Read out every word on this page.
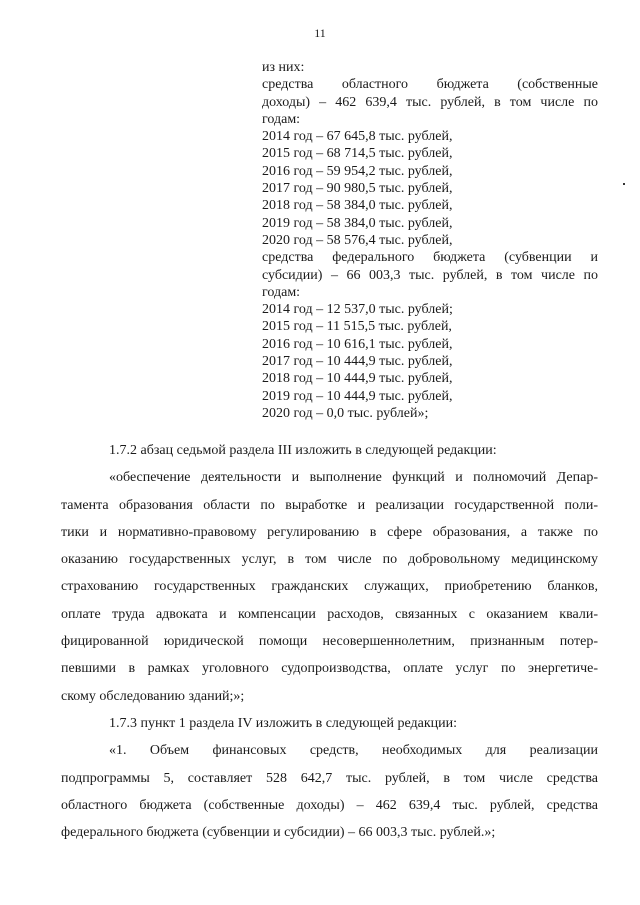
11
из них:
средства областного бюджета (собственные
доходы) – 462 639,4 тыс. рублей, в том числе по
годам:
2014 год – 67 645,8 тыс. рублей,
2015 год – 68 714,5 тыс. рублей,
2016 год – 59 954,2 тыс. рублей,
2017 год – 90 980,5 тыс. рублей,
2018 год – 58 384,0 тыс. рублей,
2019 год – 58 384,0 тыс. рублей,
2020 год – 58 576,4 тыс. рублей,
средства федерального бюджета (субвенции и
субсидии) – 66 003,3 тыс. рублей, в том числе по
годам:
2014 год – 12 537,0 тыс. рублей;
2015 год – 11 515,5 тыс. рублей,
2016 год – 10 616,1 тыс. рублей,
2017 год – 10 444,9 тыс. рублей,
2018 год – 10 444,9 тыс. рублей,
2019 год – 10 444,9 тыс. рублей,
2020 год – 0,0 тыс. рублей»;
1.7.2 абзац седьмой раздела III изложить в следующей редакции:
«обеспечение деятельности и выполнение функций и полномочий Депар-
тамента образования области по выработке и реализации государственной поли-
тики и нормативно-правовому регулированию в сфере образования, а также по
оказанию государственных услуг, в том числе по добровольному медицинскому
страхованию государственных гражданских служащих, приобретению бланков,
оплате труда адвоката и компенсации расходов, связанных с оказанием квали-
фицированной юридической помощи несовершеннолетним, признанным потер-
певшими в рамках уголовного судопроизводства, оплате услуг по энергетиче-
скому обследованию зданий;»;
1.7.3 пункт 1 раздела IV изложить в следующей редакции:
«1. Объем финансовых средств, необходимых для реализации
подпрограммы 5, составляет 528 642,7 тыс. рублей, в том числе средства
областного бюджета (собственные доходы) – 462 639,4 тыс. рублей, средства
федерального бюджета (субвенции и субсидии) – 66 003,3 тыс. рублей.»;
